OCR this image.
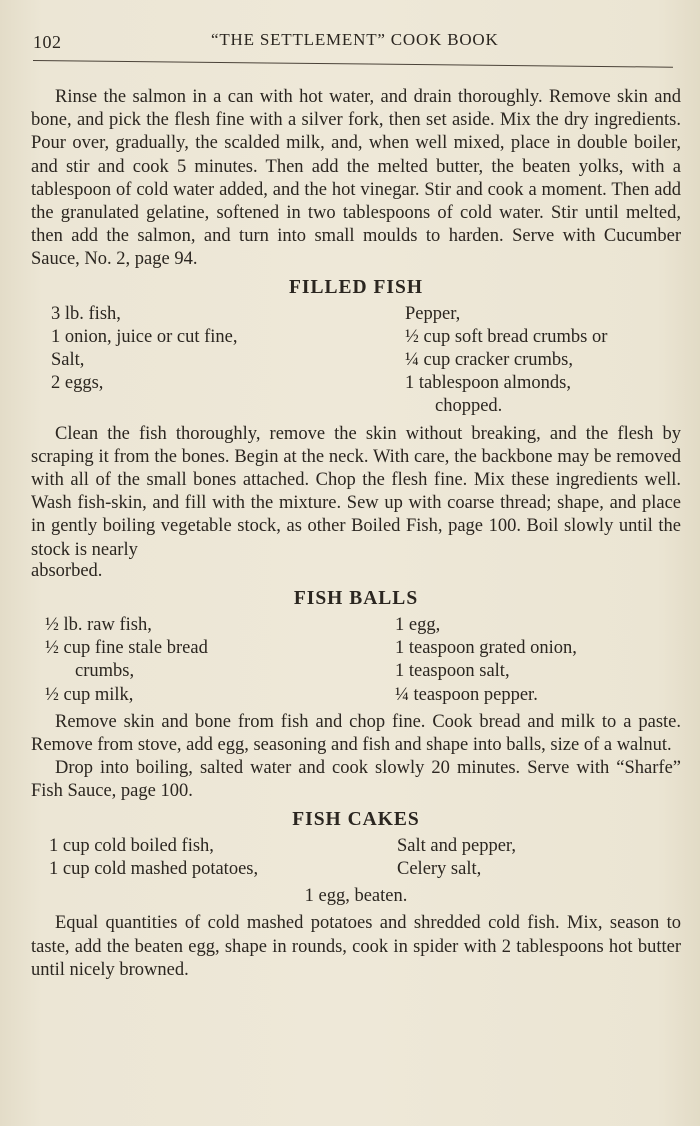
102	“THE SETTLEMENT” COOK BOOK

Rinse the salmon in a can with hot water, and drain thoroughly. Remove skin and bone, and pick the flesh fine with a silver fork, then set aside. Mix the dry ingredients. Pour over, gradually, the scalded milk, and, when well mixed, place in double boiler, and stir and cook 5 minutes. Then add the melted butter, the beaten yolks, with a tablespoon of cold water added, and the hot vinegar. Stir and cook a moment. Then add the granulated gelatine, softened in two tablespoons of cold water. Stir until melted, then add the salmon, and turn into small moulds to harden. Serve with Cucumber Sauce, No. 2, page 94.

FILLED FISH
3 lb. fish,
1 onion, juice or cut fine,
Salt,
2 eggs,
Pepper,
½ cup soft bread crumbs or
¼ cup cracker crumbs,
1 tablespoon almonds,
chopped.

Clean the fish thoroughly, remove the skin without breaking, and the flesh by scraping it from the bones. Begin at the neck. With care, the backbone may be removed with all of the small bones attached. Chop the flesh fine. Mix these ingredients well. Wash fish-skin, and fill with the mixture. Sew up with coarse thread; shape, and place in gently boiling vegetable stock, as other Boiled Fish, page 100. Boil slowly until the stock is nearly

absorbed.

FISH BALLS
½ lb. raw fish,
½ cup fine stale bread
crumbs,
½ cup milk,
1 egg,
1 teaspoon grated onion,
1 teaspoon salt,
¼ teaspoon pepper.

Remove skin and bone from fish and chop fine. Cook bread and milk to a paste. Remove from stove, add egg, seasoning and fish and shape into balls, size of a walnut.

Drop into boiling, salted water and cook slowly 20 minutes. Serve with “Sharfe” Fish Sauce, page 100.

FISH CAKES
1 cup cold boiled fish,
1 cup cold mashed potatoes,
Salt and pepper,
Celery salt,

1 egg, beaten.

Equal quantities of cold mashed potatoes and shredded cold fish. Mix, season to taste, add the beaten egg, shape in rounds, cook in spider with 2 tablespoons hot butter until nicely browned.
